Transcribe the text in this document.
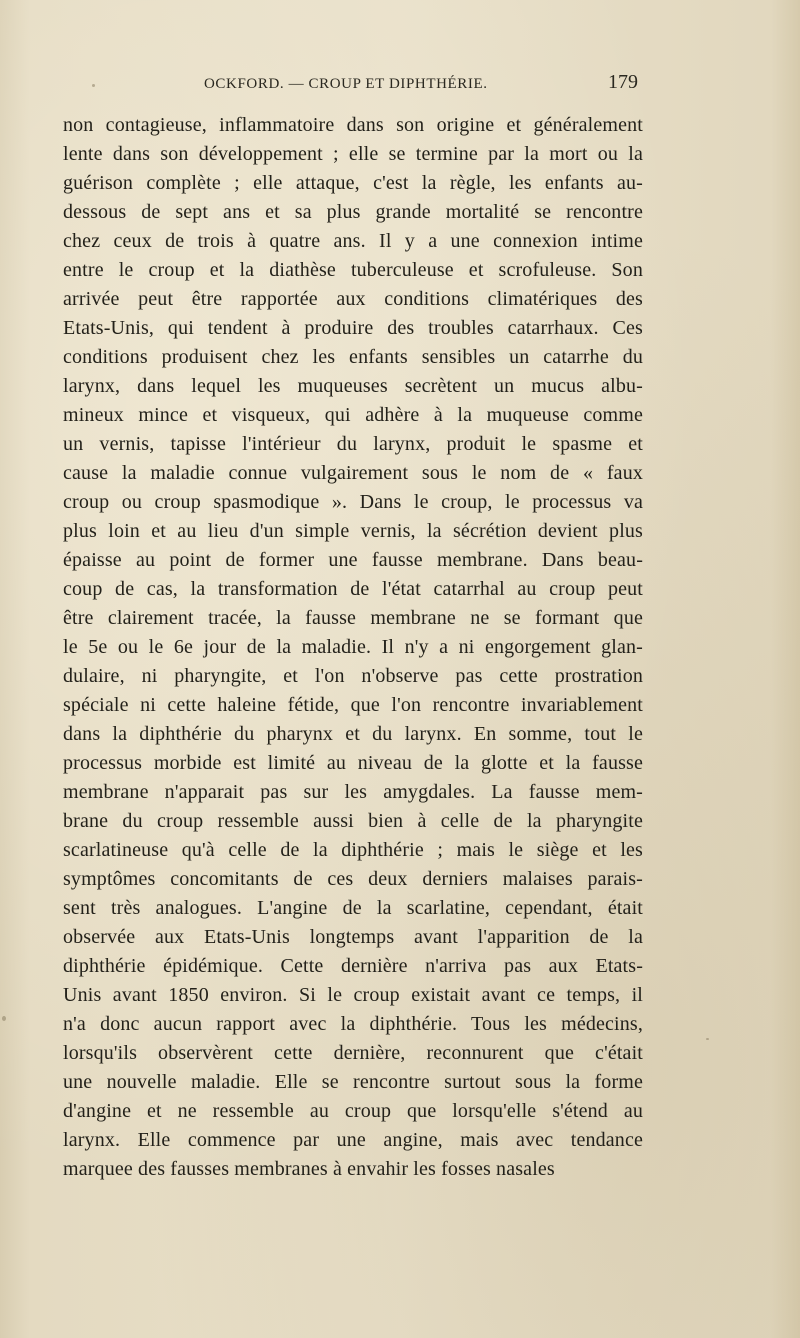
OCKFORD. — CROUP ET DIPHTHÉRIE.	179
non contagieuse, inflammatoire dans son origine et généralement
lente dans son développement ; elle se termine par la mort ou la
guérison complète ; elle attaque, c'est la règle, les enfants au-
dessous de sept ans et sa plus grande mortalité se rencontre
chez ceux de trois à quatre ans. Il y a une connexion intime
entre le croup et la diathèse tuberculeuse et scrofuleuse. Son
arrivée peut être rapportée aux conditions climatériques des
Etats-Unis, qui tendent à produire des troubles catarrhaux. Ces
conditions produisent chez les enfants sensibles un catarrhe du
larynx, dans lequel les muqueuses secrètent un mucus albu-
mineux mince et visqueux, qui adhère à la muqueuse comme
un vernis, tapisse l'intérieur du larynx, produit le spasme et
cause la maladie connue vulgairement sous le nom de « faux
croup ou croup spasmodique ». Dans le croup, le processus va
plus loin et au lieu d'un simple vernis, la sécrétion devient plus
épaisse au point de former une fausse membrane. Dans beau-
coup de cas, la transformation de l'état catarrhal au croup peut
être clairement tracée, la fausse membrane ne se formant que
le 5e ou le 6e jour de la maladie. Il n'y a ni engorgement glan-
dulaire, ni pharyngite, et l'on n'observe pas cette prostration
spéciale ni cette haleine fétide, que l'on rencontre invariablement
dans la diphthérie du pharynx et du larynx. En somme, tout le
processus morbide est limité au niveau de la glotte et la fausse
membrane n'apparait pas sur les amygdales. La fausse mem-
brane du croup ressemble aussi bien à celle de la pharyngite
scarlatineuse qu'à celle de la diphthérie ; mais le siège et les
symptômes concomitants de ces deux derniers malaises parais-
sent très analogues. L'angine de la scarlatine, cependant, était
observée aux Etats-Unis longtemps avant l'apparition de la
diphthérie épidémique. Cette dernière n'arriva pas aux Etats-
Unis avant 1850 environ. Si le croup existait avant ce temps, il
n'a donc aucun rapport avec la diphthérie. Tous les médecins,
lorsqu'ils observèrent cette dernière, reconnurent que c'était
une nouvelle maladie. Elle se rencontre surtout sous la forme
d'angine et ne ressemble au croup que lorsqu'elle s'étend au
larynx. Elle commence par une angine, mais avec tendance
marquee des fausses membranes à envahir les fosses nasales
